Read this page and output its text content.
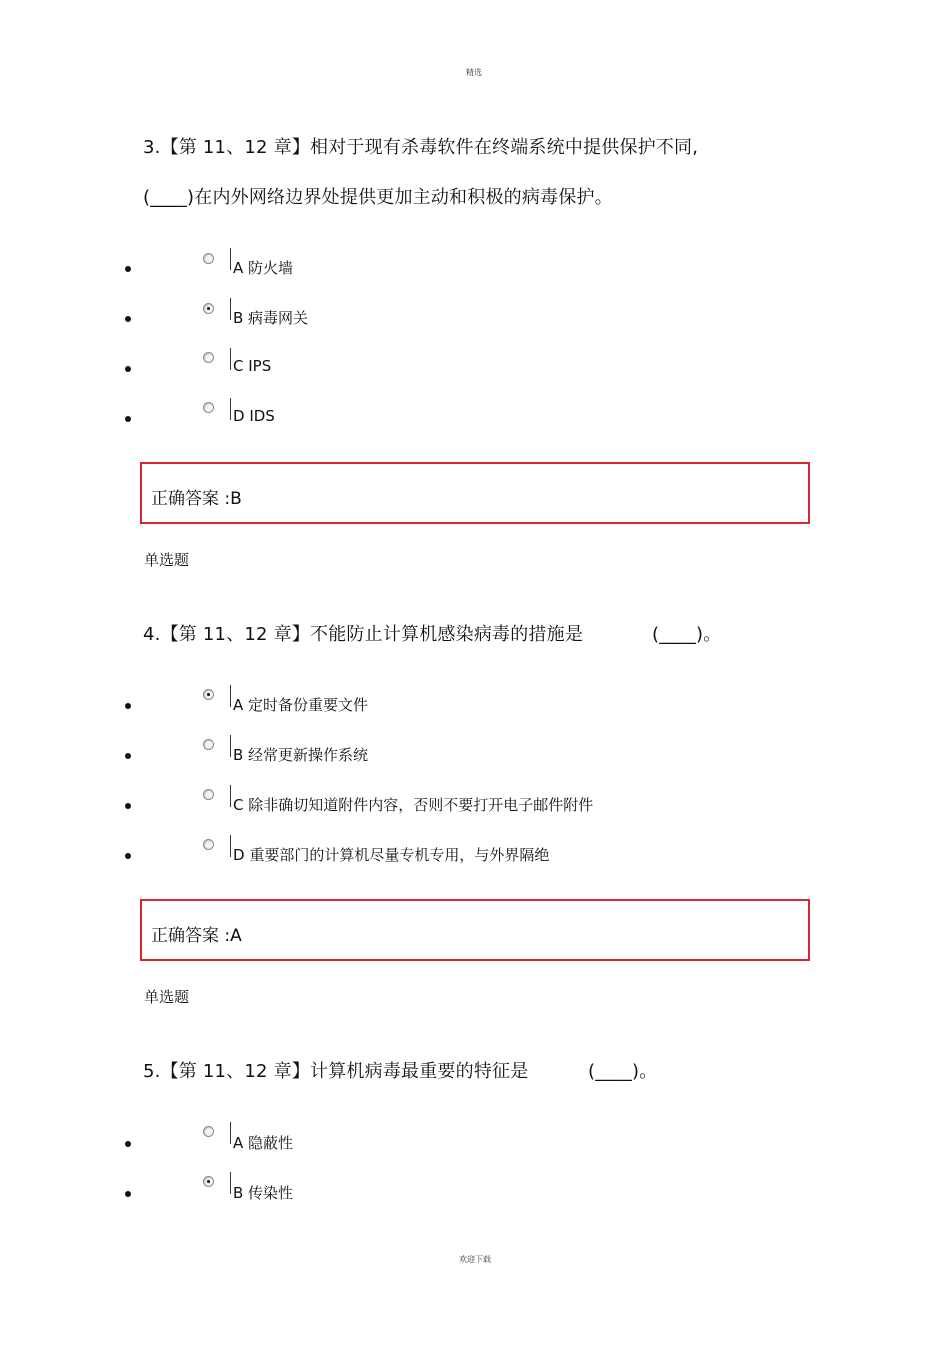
精选
欢迎下载
3.【第 11、12 章】相对于现有杀毒软件在终端系统中提供保护不同,
(____)在内外网络边界处提供更加主动和积极的病毒保护。
A 防火墙
B 病毒网关
C IPS
D IDS
正确答案 :B
单选题
4.【第 11、12 章】不能防止计算机感染病毒的措施是	(____)。
A 定时备份重要文件
B 经常更新操作系统
C 除非确切知道附件内容，否则不要打开电子邮件附件
D 重要部门的计算机尽量专机专用，与外界隔绝
正确答案 :A
单选题
5.【第 11、12 章】计算机病毒最重要的特征是	(____)。
A 隐蔽性
B 传染性
